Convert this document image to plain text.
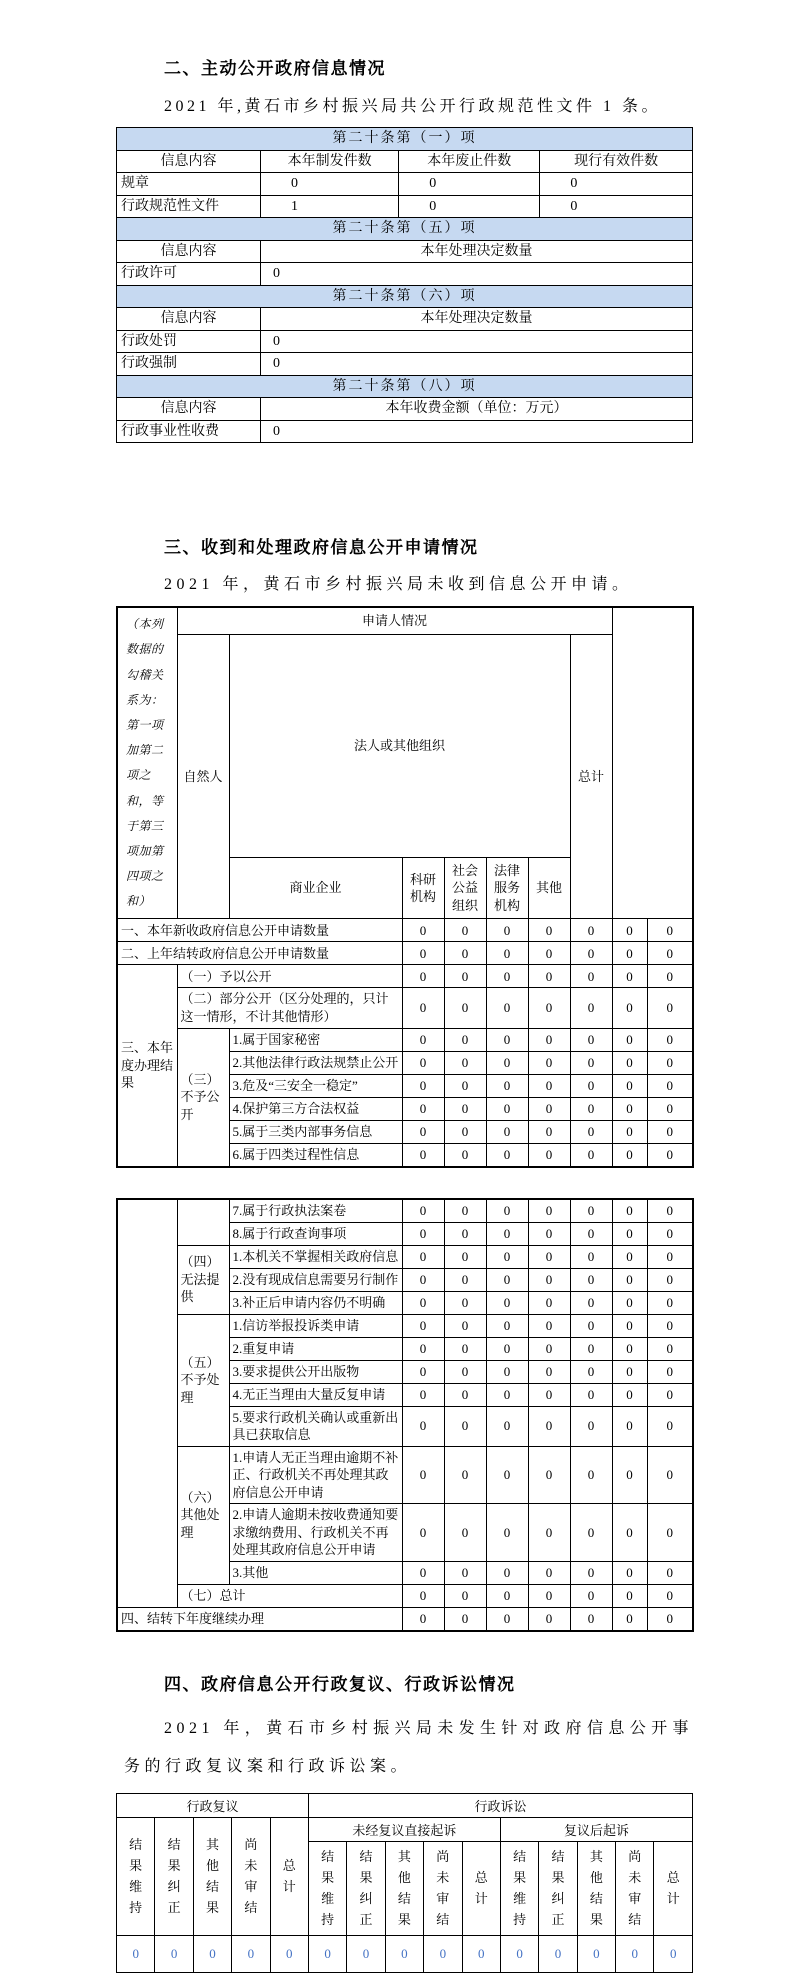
二、主动公开政府信息情况

2021 年,黄石市乡村振兴局共公开行政规范性文件 1 条。

第二十条第（一）项			
信息内容	本年制发件数	本年废止件数	现行有效件数
规章	0	0	0
行政规范性文件	1	0	0
第二十条第（五）项			
信息内容	本年处理决定数量		
行政许可	0		
第二十条第（六）项			
信息内容	本年处理决定数量		
行政处罚	0		
行政强制	0		
第二十条第（八）项			
信息内容	本年收费金额（单位：万元）		
行政事业性收费	0		
三、收到和处理政府信息公开申请情况

2021 年，黄石市乡村振兴局未收到信息公开申请。

（本列数据的勾稽关系为：第一项加第二项之和，等于第三项加第四项之和）	申请人情况								
	自然人	法人或其他组织					总计		
		商业企业	科研机构	社会公益组织	法律服务机构	其他			
一、本年新收政府信息公开申请数量			0	0	0	0	0	0	0
二、上年结转政府信息公开申请数量			0	0	0	0	0	0	0
三、本年度办理结果	（一）予以公开		0	0	0	0	0	0	0
	（二）部分公开（区分处理的，只计这一情形，不计其他情形）		0	0	0	0	0	0	0
	（三）不予公开	1.属于国家秘密	0	0	0	0	0	0	0
		2.其他法律行政法规禁止公开	0	0	0	0	0	0	0
		3.危及“三安全一稳定”	0	0	0	0	0	0	0
		4.保护第三方合法权益	0	0	0	0	0	0	0
		5.属于三类内部事务信息	0	0	0	0	0	0	0
		6.属于四类过程性信息	0	0	0	0	0	0	0
		7.属于行政执法案卷	0	0	0	0	0	0	0
		8.属于行政查询事项	0	0	0	0	0	0	0
	（四）无法提供	1.本机关不掌握相关政府信息	0	0	0	0	0	0	0
		2.没有现成信息需要另行制作	0	0	0	0	0	0	0
		3.补正后申请内容仍不明确	0	0	0	0	0	0	0
	（五）不予处理	1.信访举报投诉类申请	0	0	0	0	0	0	0
		2.重复申请	0	0	0	0	0	0	0
		3.要求提供公开出版物	0	0	0	0	0	0	0
		4.无正当理由大量反复申请	0	0	0	0	0	0	0
		5.要求行政机关确认或重新出具已获取信息	0	0	0	0	0	0	0
	（六）其他处理	1.申请人无正当理由逾期不补正、行政机关不再处理其政府信息公开申请	0	0	0	0	0	0	0
		2.申请人逾期未按收费通知要求缴纳费用、行政机关不再处理其政府信息公开申请	0	0	0	0	0	0	0
		3.其他	0	0	0	0	0	0	0
	（七）总计		0	0	0	0	0	0	0
四、结转下年度继续办理			0	0	0	0	0	0	0
四、政府信息公开行政复议、行政诉讼情况

2021 年，黄石市乡村振兴局未发生针对政府信息公开事务的行政复议案和行政诉讼案。

行政复议					行政诉讼									

结果维持	结果纠正	其他结果	尚未审结	总计	未经复议直接起诉					复议后起诉				

					结果维持	结果纠正	其他结果	尚未审结	总计	结果维持	结果纠正	其他结果	尚未审结	总计

0	0	0	0	0	0	0	0	0	0	0	0	0	0	0
